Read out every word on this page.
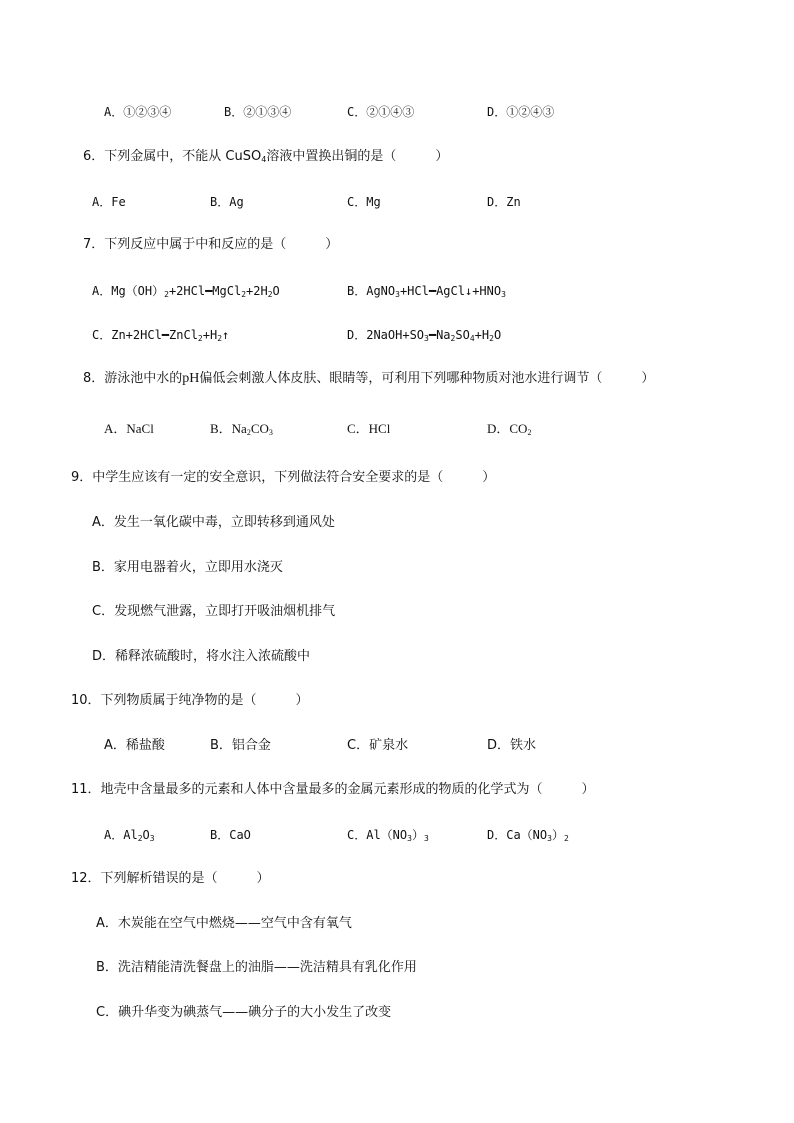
A．①②③④	B．②①③④	C．②①④③	D．①②④③
6．下列金属中，不能从 CuSO$_4$溶液中置换出铜的是（　　　）
A．Fe	B．Ag	C．Mg	D．Zn
7．下列反应中属于中和反应的是（　　　）
A．$Mg(OH)_2+2HCl━MgCl_2+2H_2O$	B．$AgNO_3+HCl━AgCl↓+HNO_3$
C．$Zn+2HCl━ZnCl_2+H_2↑$	D．$2NaOH+SO_3━Na_2SO_4+H_2O$
8．游泳池中水的pH偏低会刺激人体皮肤、眼睛等，可利用下列哪种物质对池水进行调节（　　　）
A．NaCl	B．$Na_2CO_3$	C．HCl	D．$CO_2$
9．中学生应该有一定的安全意识，下列做法符合安全要求的是（　　　）
A．发生一氧化碳中毒，立即转移到通风处
B．家用电器着火，立即用水浇灭
C．发现燃气泄露，立即打开吸油烟机排气
D．稀释浓硫酸时，将水注入浓硫酸中
10．下列物质属于纯净物的是（　　　）
A．稀盐酸	B．铝合金	C．矿泉水	D．铁水
11．地壳中含量最多的元素和人体中含量最多的金属元素形成的物质的化学式为（　　　）
A．$Al_2O_3$	B．CaO	C．$Al(NO_3)_3$	D．$Ca(NO_3)_2$
12．下列解析错误的是（　　　）
A．木炭能在空气中燃烧——空气中含有氧气
B．洗洁精能清洗餐盘上的油脂——洗洁精具有乳化作用
C．碘升华变为碘蒸气——碘分子的大小发生了改变
